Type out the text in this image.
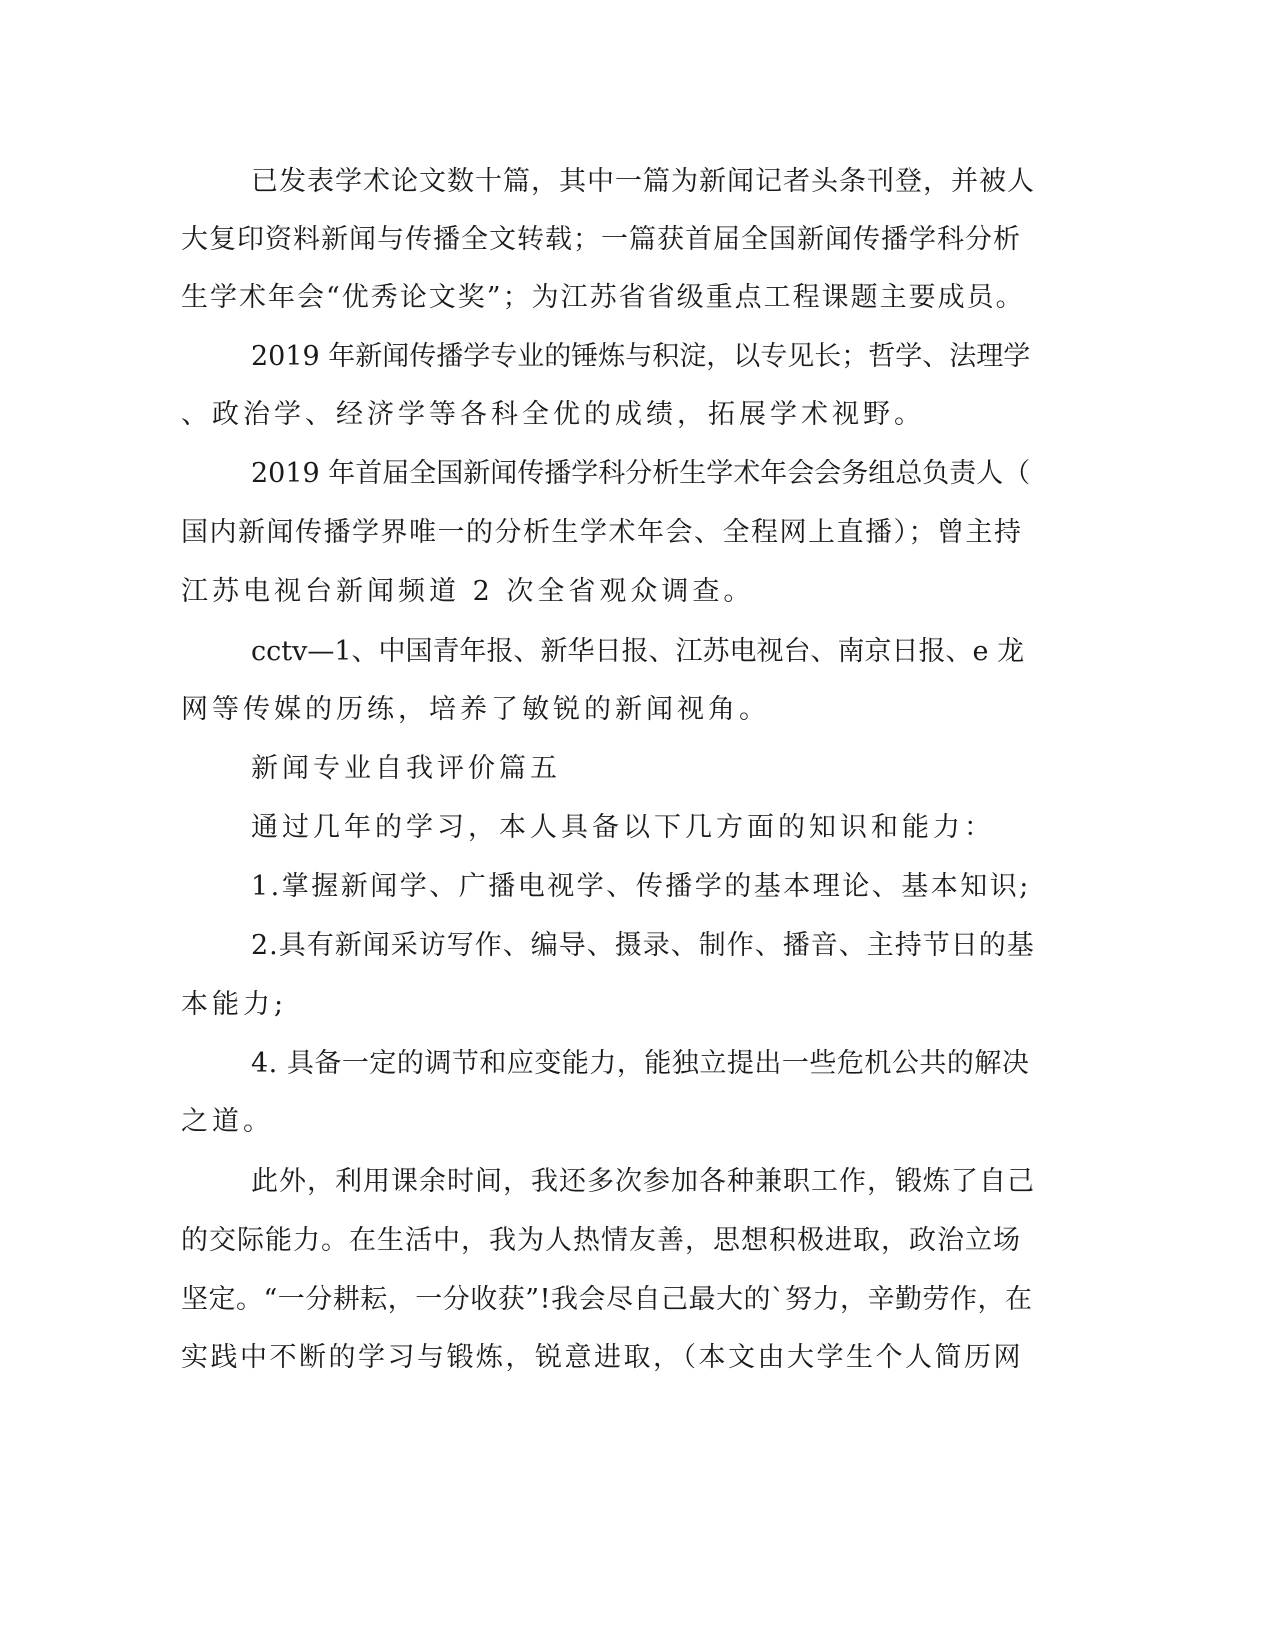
已发表学术论文数十篇，其中一篇为新闻记者头条刊登，并被人
大复印资料新闻与传播全文转载；一篇获首届全国新闻传播学科分析
生学术年会“优秀论文奖”；为江苏省省级重点工程课题主要成员。
2019 年新闻传播学专业的锤炼与积淀，以专见长；哲学、法理学
、政治学、经济学等各科全优的成绩，拓展学术视野。
2019 年首届全国新闻传播学科分析生学术年会会务组总负责人（
国内新闻传播学界唯一的分析生学术年会、全程网上直播）；曾主持
江苏电视台新闻频道 2 次全省观众调查。
cctv—1、中国青年报、新华日报、江苏电视台、南京日报、e 龙
网等传媒的历练，培养了敏锐的新闻视角。
新闻专业自我评价篇五
通过几年的学习，本人具备以下几方面的知识和能力：
1.掌握新闻学、广播电视学、传播学的基本理论、基本知识;
2.具有新闻采访写作、编导、摄录、制作、播音、主持节日的基
本能力;
4. 具备一定的调节和应变能力，能独立提出一些危机公共的解决
之道。
此外，利用课余时间，我还多次参加各种兼职工作，锻炼了自己
的交际能力。在生活中，我为人热情友善，思想积极进取，政治立场
坚定。“一分耕耘，一分收获”!我会尽自己最大的`努力，辛勤劳作，在
实践中不断的学习与锻炼，锐意进取，（本文由大学生个人简历网
